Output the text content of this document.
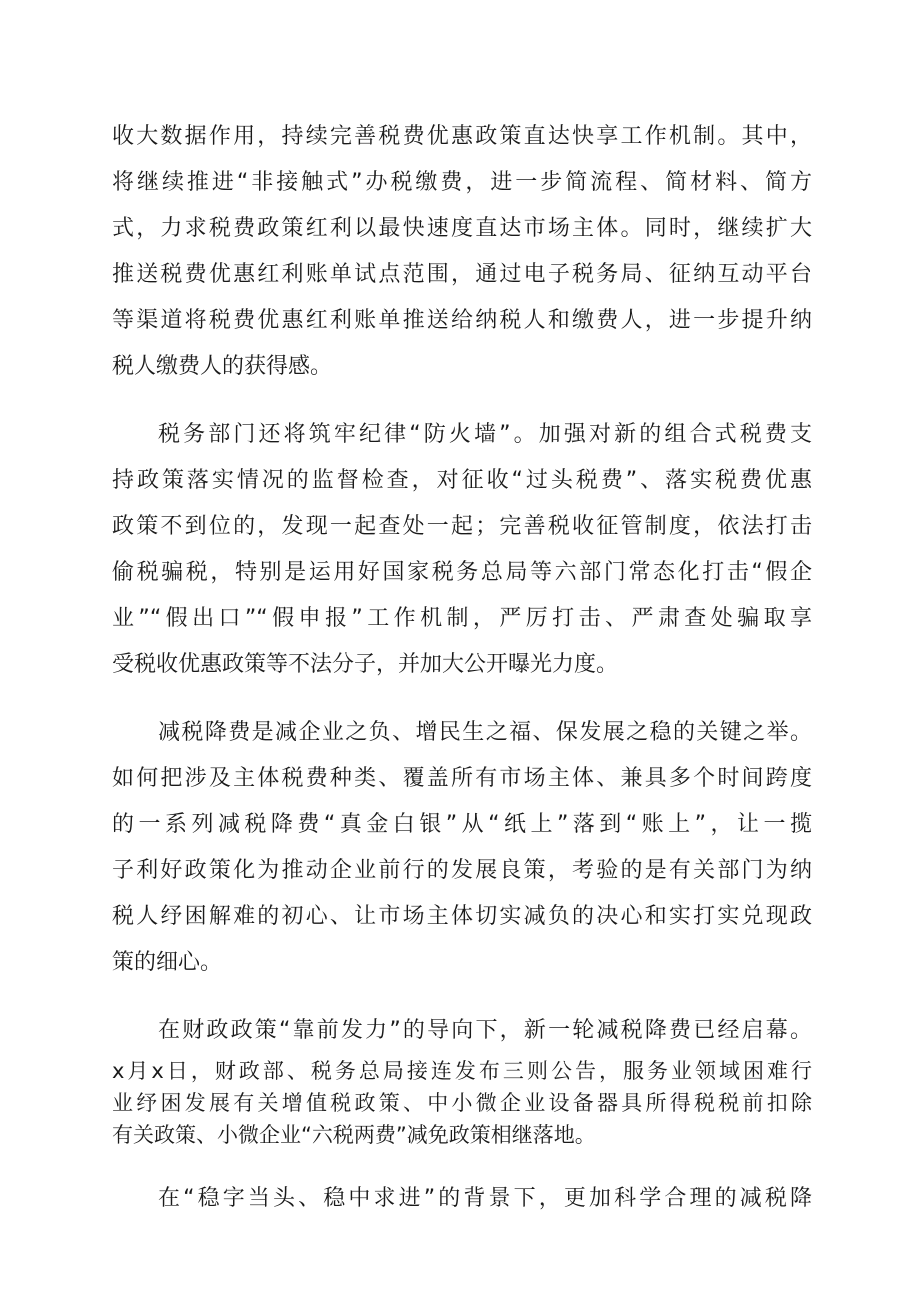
收大数据作用，持续完善税费优惠政策直达快享工作机制。其中，

将继续推进“非接触式”办税缴费，进一步简流程、简材料、简方

式，力求税费政策红利以最快速度直达市场主体。同时，继续扩大

推送税费优惠红利账单试点范围，通过电子税务局、征纳互动平台

等渠道将税费优惠红利账单推送给纳税人和缴费人，进一步提升纳

税人缴费人的获得感。

税务部门还将筑牢纪律“防火墙”。加强对新的组合式税费支

持政策落实情况的监督检查，对征收“过头税费”、落实税费优惠

政策不到位的，发现一起查处一起；完善税收征管制度，依法打击

偷税骗税，特别是运用好国家税务总局等六部门常态化打击“假企

业”“假出口”“假申报”工作机制，严厉打击、严肃查处骗取享

受税收优惠政策等不法分子，并加大公开曝光力度。

减税降费是减企业之负、增民生之福、保发展之稳的关键之举。

如何把涉及主体税费种类、覆盖所有市场主体、兼具多个时间跨度

的一系列减税降费“真金白银”从“纸上”落到“账上”，让一揽

子利好政策化为推动企业前行的发展良策，考验的是有关部门为纳

税人纾困解难的初心、让市场主体切实减负的决心和实打实兑现政

策的细心。

在财政政策“靠前发力”的导向下，新一轮减税降费已经启幕。

x月x日，财政部、税务总局接连发布三则公告，服务业领域困难行

业纾困发展有关增值税政策、中小微企业设备器具所得税税前扣除

有关政策、小微企业“六税两费”减免政策相继落地。

在“稳字当头、稳中求进”的背景下，更加科学合理的减税降
